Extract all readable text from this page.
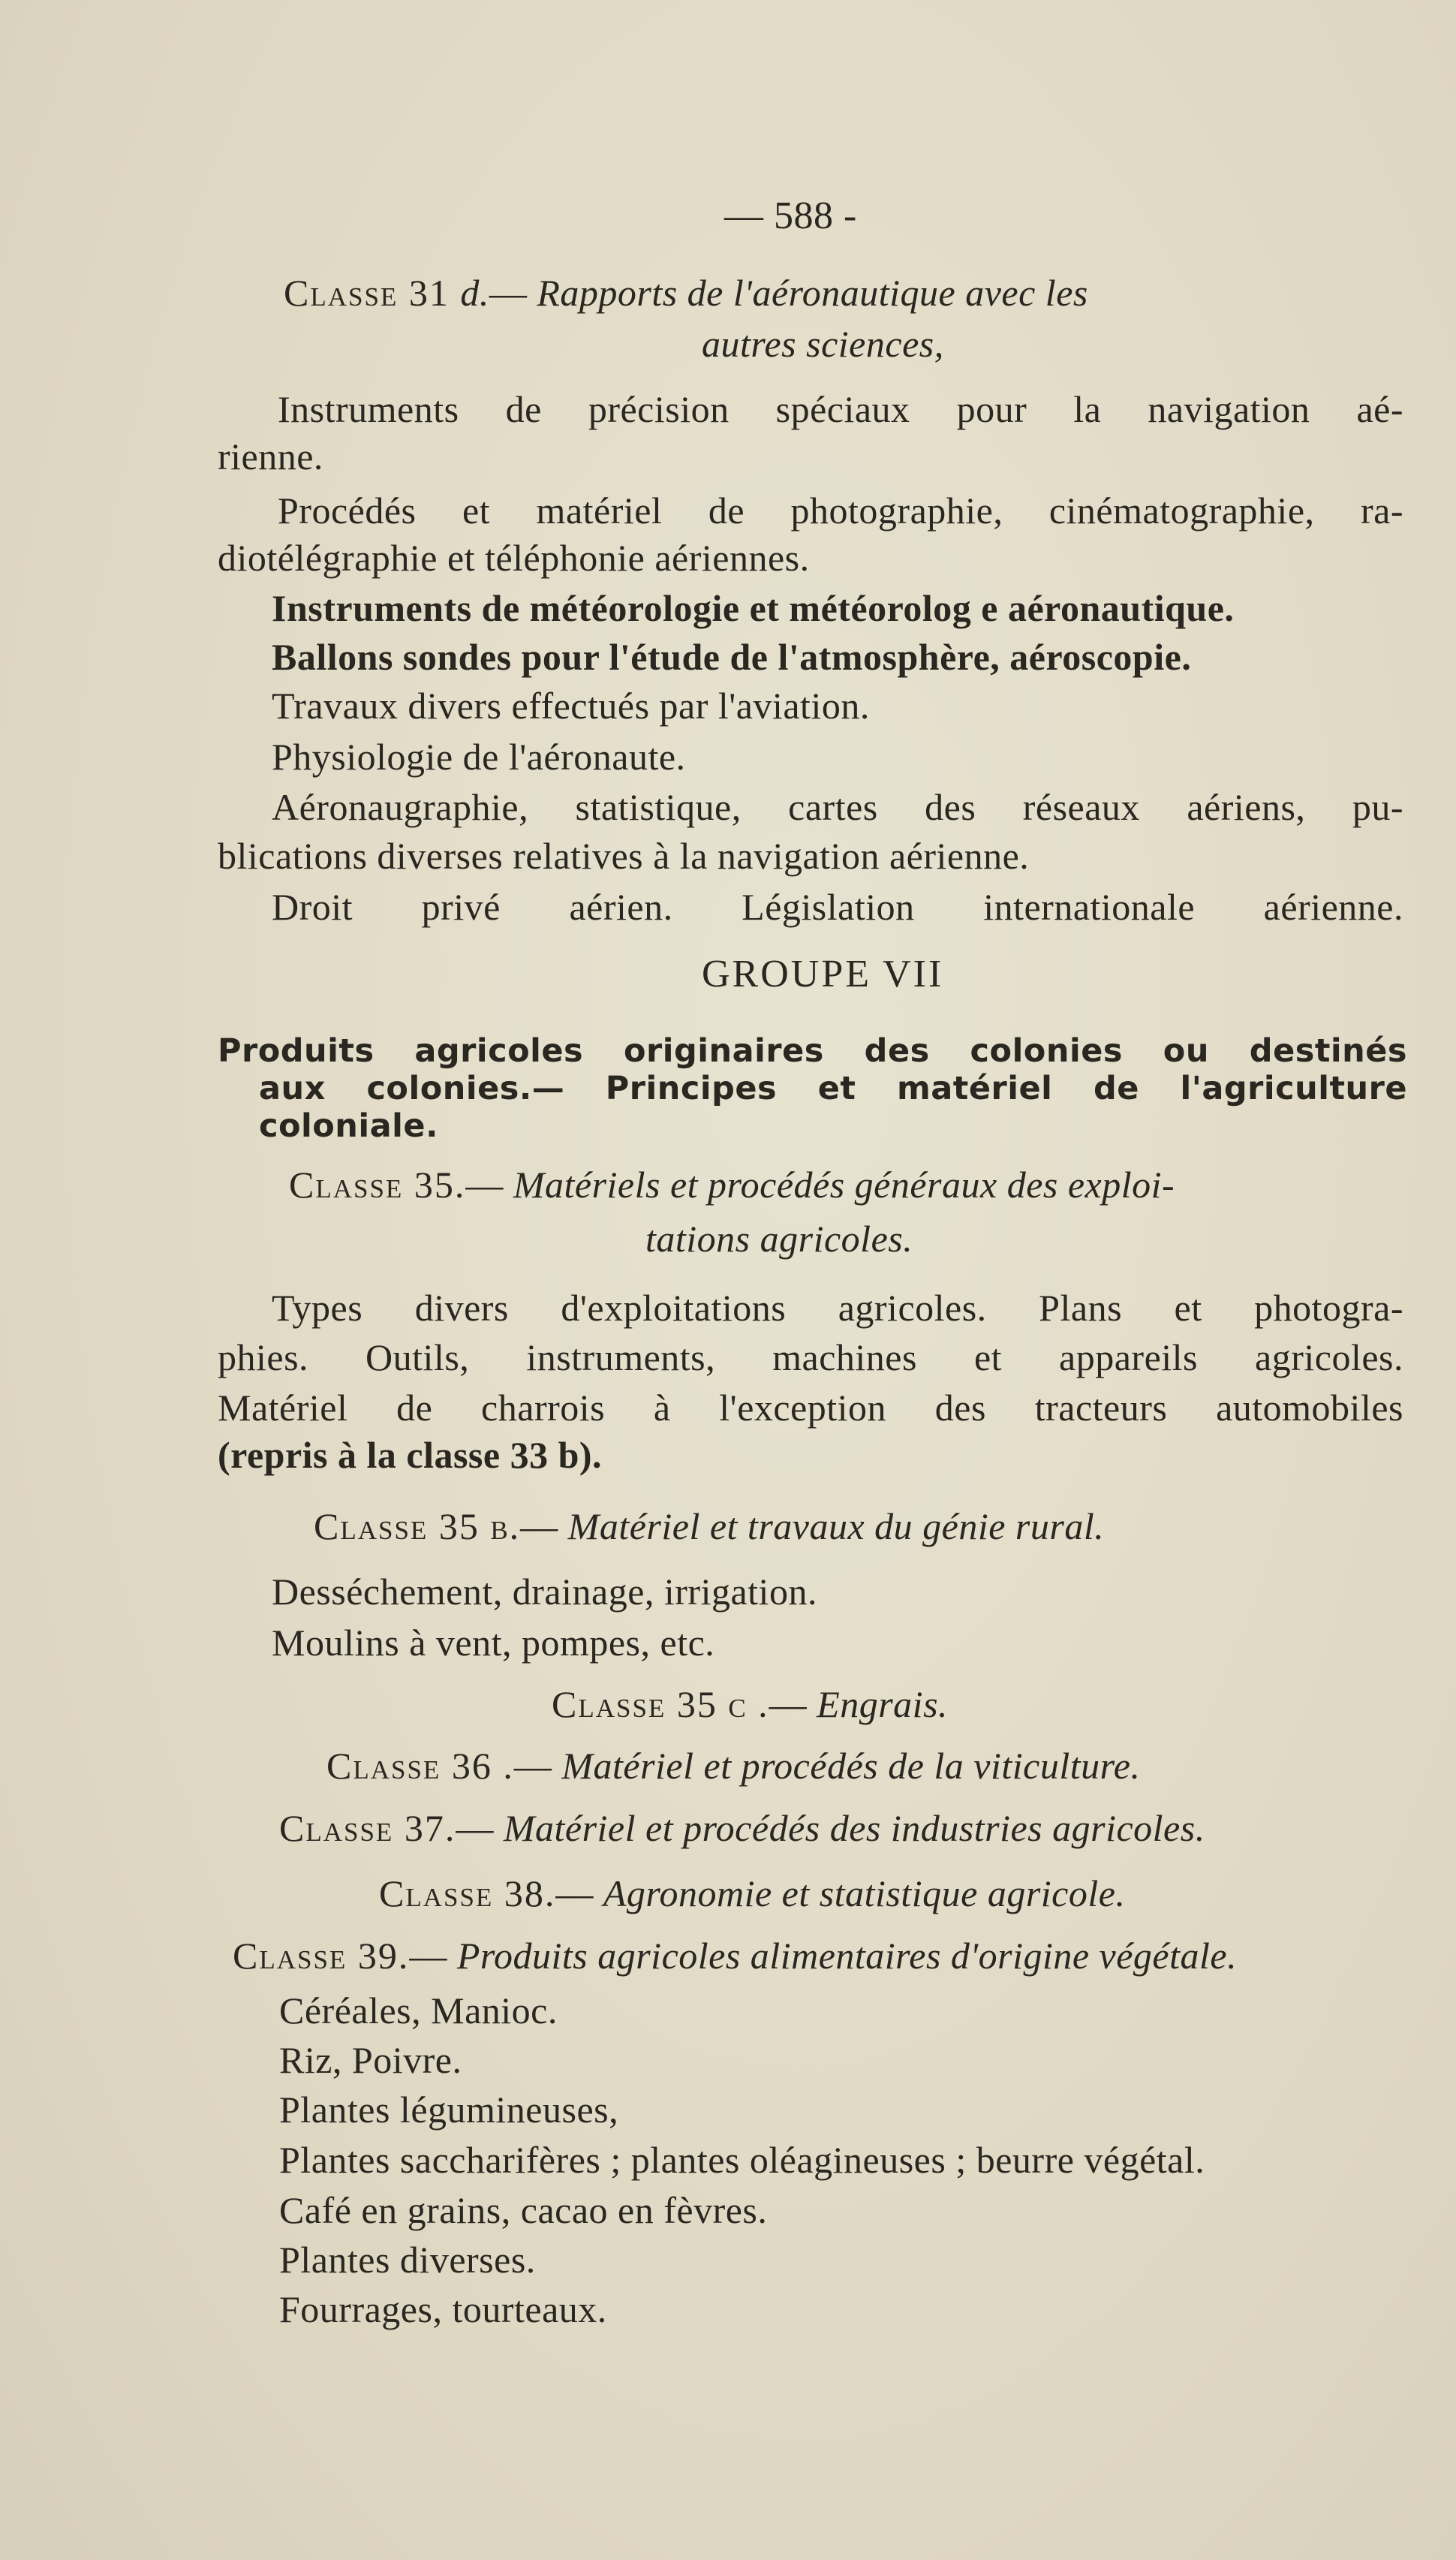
— 588 -
Classe 31 d.— Rapports de l'aéronautique avec les
autres sciences,
Instruments de précision spéciaux pour la navigation aé-
rienne.
Procédés et matériel de photographie, cinématographie, ra-
diotélégraphie et téléphonie aériennes.
Instruments de météorologie et météorolog e aéronautique.
Ballons sondes pour l'étude de l'atmosphère, aéroscopie.
Travaux divers effectués par l'aviation.
Physiologie de l'aéronaute.
Aéronaugraphie, statistique, cartes des réseaux aériens, pu-
blications diverses relatives à la navigation aérienne.
Droit privé aérien. Législation internationale aérienne.
GROUPE VII
Produits agricoles originaires des colonies ou destinés
aux colonies.— Principes et matériel de l'agriculture
coloniale.
Classe 35.— Matériels et procédés généraux des exploi-
tations agricoles.
Types divers d'exploitations agricoles. Plans et photogra-
phies. Outils, instruments, machines et appareils agricoles.
Matériel de charrois à l'exception des tracteurs automobiles
(repris à la classe 33 b).
Classe 35 b.— Matériel et travaux du génie rural.
Desséchement, drainage, irrigation.
Moulins à vent, pompes, etc.
Classe 35 c .— Engrais.
Classe 36 .— Matériel et procédés de la viticulture.
Classe 37.— Matériel et procédés des industries agricoles.
Classe 38.— Agronomie et statistique agricole.
Classe 39.— Produits agricoles alimentaires d'origine végétale.
Céréales, Manioc.
Riz, Poivre.
Plantes légumineuses,
Plantes saccharifères ; plantes oléagineuses ; beurre végétal.
Café en grains, cacao en fèvres.
Plantes diverses.
Fourrages, tourteaux.
